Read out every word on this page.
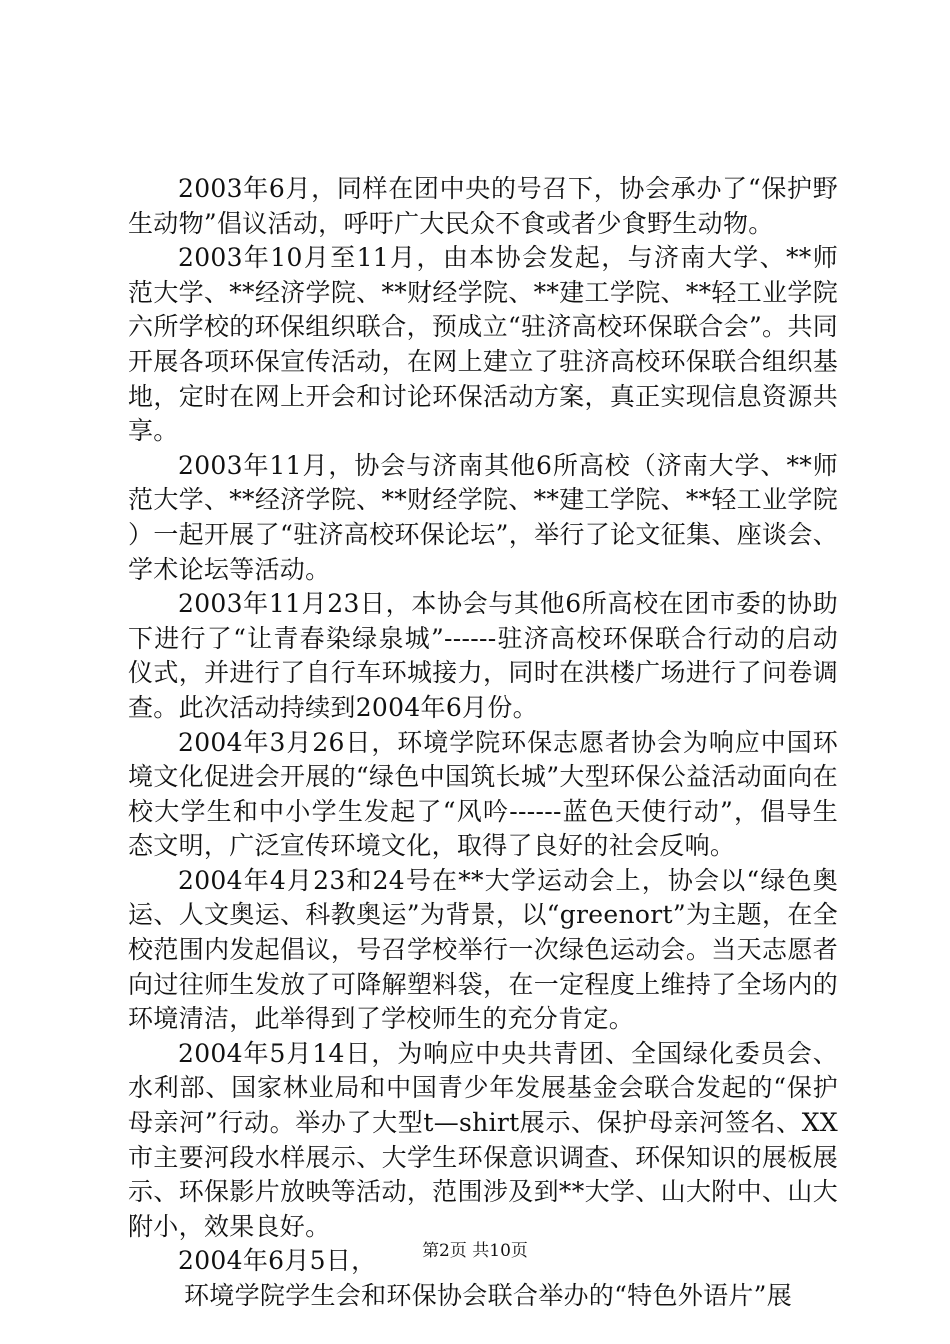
2003年6月，同样在团中央的号召下，协会承办了“保护野生动物”倡议活动，呼吁广大民众不食或者少食野生动物。

2003年10月至11月，由本协会发起，与济南大学、**师范大学、**经济学院、**财经学院、**建工学院、**轻工业学院六所学校的环保组织联合，预成立“驻济高校环保联合会”。共同开展各项环保宣传活动，在网上建立了驻济高校环保联合组织基地，定时在网上开会和讨论环保活动方案，真正实现信息资源共享。

2003年11月，协会与济南其他6所高校（济南大学、**师范大学、**经济学院、**财经学院、**建工学院、**轻工业学院）一起开展了“驻济高校环保论坛”，举行了论文征集、座谈会、学术论坛等活动。

2003年11月23日，本协会与其他6所高校在团市委的协助下进行了“让青春染绿泉城”------驻济高校环保联合行动的启动仪式，并进行了自行车环城接力，同时在洪楼广场进行了问卷调查。此次活动持续到2004年6月份。

2004年3月26日，环境学院环保志愿者协会为响应中国环境文化促进会开展的“绿色中国筑长城”大型环保公益活动面向在校大学生和中小学生发起了“风吟------蓝色天使行动”，倡导生态文明，广泛宣传环境文化，取得了良好的社会反响。

2004年4月23和24号在**大学运动会上，协会以“绿色奥运、人文奥运、科教奥运”为背景，以“greenort”为主题，在全校范围内发起倡议，号召学校举行一次绿色运动会。当天志愿者向过往师生发放了可降解塑料袋，在一定程度上维持了全场内的环境清洁，此举得到了学校师生的充分肯定。

2004年5月14日，为响应中央共青团、全国绿化委员会、水利部、国家林业局和中国青少年发展基金会联合发起的“保护母亲河”行动。举办了大型t—shirt展示、保护母亲河签名、XX市主要河段水样展示、大学生环保意识调查、环保知识的展板展示、环保影片放映等活动，范围涉及到**大学、山大附中、山大附小，效果良好。

2004年6月5日，

环境学院学生会和环保协会联合举办的“特色外语片”展

第2页 共10页
